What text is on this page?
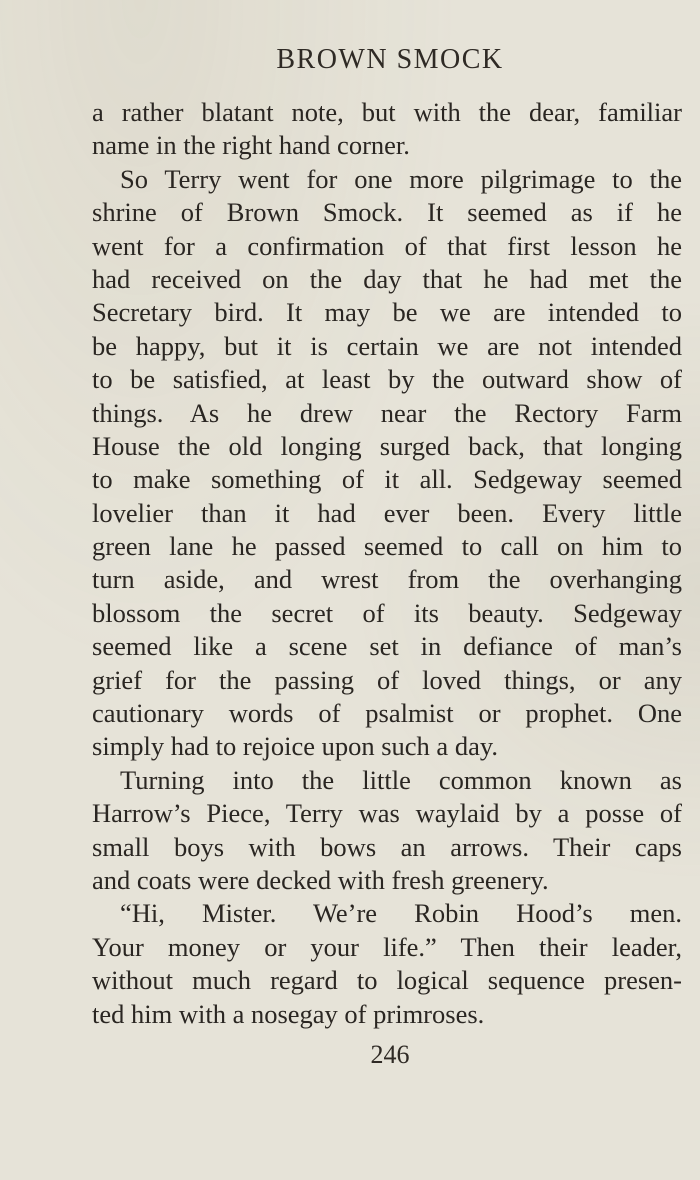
BROWN SMOCK
a rather blatant note, but with the dear, familiar
name in the right hand corner.
So Terry went for one more pilgrimage to the
shrine of Brown Smock. It seemed as if he
went for a confirmation of that first lesson he
had received on the day that he had met the
Secretary bird. It may be we are intended to
be happy, but it is certain we are not intended
to be satisfied, at least by the outward show of
things. As he drew near the Rectory Farm
House the old longing surged back, that longing
to make something of it all. Sedgeway seemed
lovelier than it had ever been. Every little
green lane he passed seemed to call on him to
turn aside, and wrest from the overhanging
blossom the secret of its beauty. Sedgeway
seemed like a scene set in defiance of man’s
grief for the passing of loved things, or any
cautionary words of psalmist or prophet. One
simply had to rejoice upon such a day.
Turning into the little common known as
Harrow’s Piece, Terry was waylaid by a posse of
small boys with bows an arrows. Their caps
and coats were decked with fresh greenery.
“Hi, Mister. We’re Robin Hood’s men.
Your money or your life.” Then their leader,
without much regard to logical sequence presen-
ted him with a nosegay of primroses.
246
